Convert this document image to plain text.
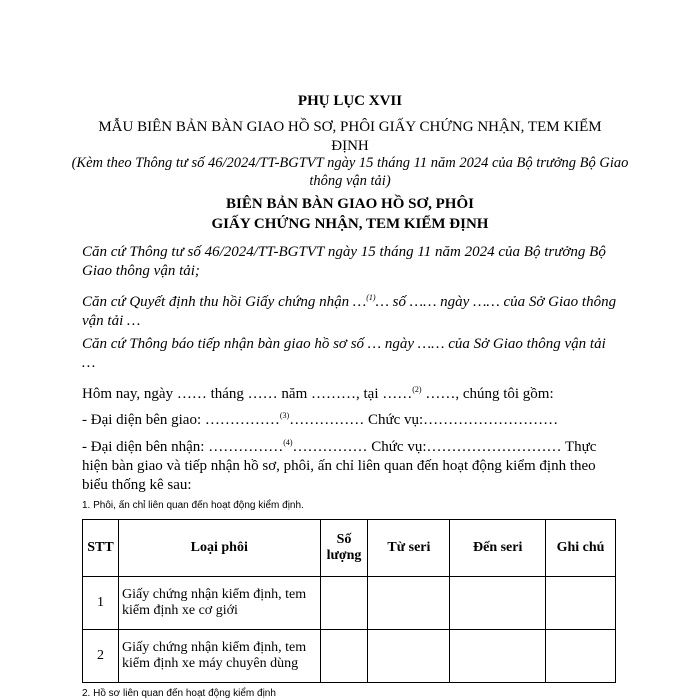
PHỤ LỤC XVII
MẪU BIÊN BẢN BÀN GIAO HỒ SƠ, PHÔI GIẤY CHỨNG NHẬN, TEM KIỂM ĐỊNH
(Kèm theo Thông tư số 46/2024/TT-BGTVT ngày 15 tháng 11 năm 2024 của Bộ trưởng Bộ Giao thông vận tải)
BIÊN BẢN BÀN GIAO HỒ SƠ, PHÔI
GIẤY CHỨNG NHẬN, TEM KIỂM ĐỊNH
Căn cứ Thông tư số 46/2024/TT-BGTVT ngày 15 tháng 11 năm 2024 của Bộ trưởng Bộ Giao thông vận tải;
Căn cứ Quyết định thu hồi Giấy chứng nhận …$^{(1)}$… số …… ngày …… của Sở Giao thông vận tải …
Căn cứ Thông báo tiếp nhận bàn giao hồ sơ số … ngày …… của Sở Giao thông vận tải …
Hôm nay, ngày …… tháng …… năm ………, tại ……$^{(2)}$ ……, chúng tôi gồm:
- Đại diện bên giao: ……………$^{(3)}$…………… Chức vụ:………………………
- Đại diện bên nhận: ……………$^{(4)}$…………… Chức vụ:……………………… Thực hiện bàn giao và tiếp nhận hồ sơ, phôi, ấn chỉ liên quan đến hoạt động kiểm định theo biểu thống kê sau:
1. Phôi, ấn chỉ liên quan đến hoạt động kiểm định.
STT	Loại phôi	Số lượng	Từ seri	Đến seri	Ghi chú
1	Giấy chứng nhận kiểm định, tem kiểm định xe cơ giới				
2	Giấy chứng nhận kiểm định, tem kiểm định xe máy chuyên dùng				
2. Hồ sơ liên quan đến hoạt động kiểm định
